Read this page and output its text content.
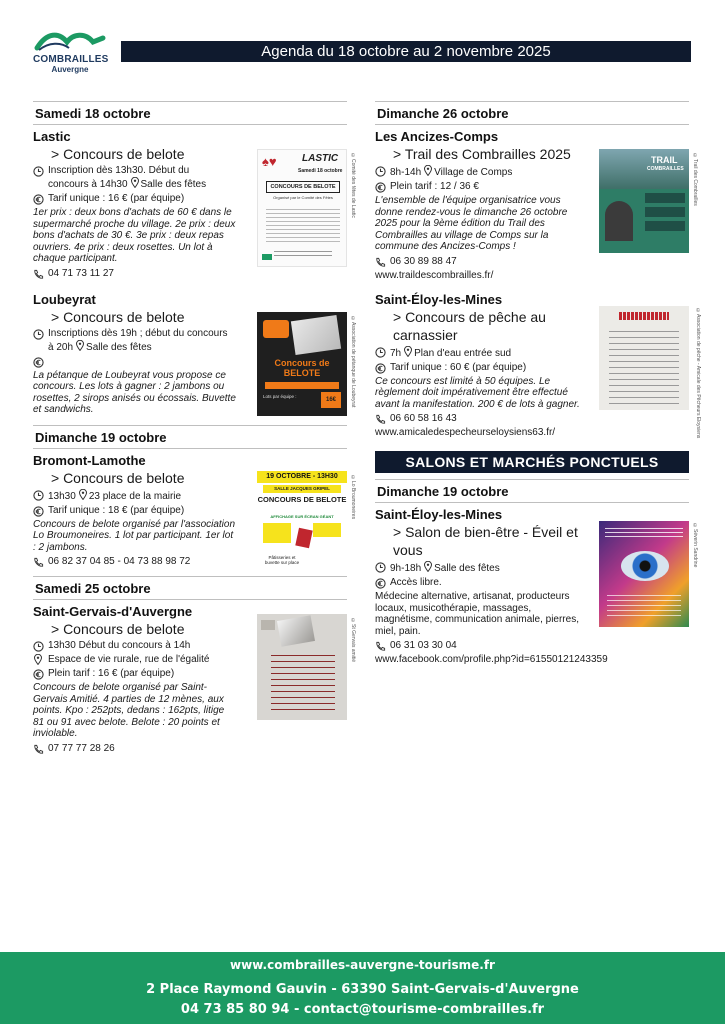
COMBRAILLES
Auvergne
Agenda du 18 octobre au 2 novembre 2025
Samedi 18 octobre
Lastic
> Concours de belote
Inscription dès 13h30. Début du
concours à 14h30 Salle des fêtes
Tarif unique : 16 € (par équipe)
1er prix : deux bons d'achats de 60 € dans le supermarché proche du village. 2e prix : deux bons d'achats de 30 €. 3e prix : deux repas ouvriers. 4e prix : deux rosettes. Un lot à chaque participant.
04 71 73 11 27
♠♥	LASTIC
Samedi 18 octobre
CONCOURS DE BELOTE
Organisé par le Comité des Fêtes	©Comité des fêtes de Lastic
Loubeyrat
> Concours de belote
Inscriptions dès 19h ; début du concours
à 20h Salle des fêtes
La pétanque de Loubeyrat vous propose ce concours. Les lots à gagner : 2 jambons ou rosettes, 2 sirops anisés ou écossais. Buvette et sandwichs.
Concours de BELOTE
Lots par équipe :
16€	©Association de pétanque de Loubeyrat
Dimanche 19 octobre
Bromont-Lamothe
> Concours de belote
13h30 23 place de la mairie
Tarif unique : 18 € (par équipe)
Concours de belote organisé par l'association Lo Broumoneires. 1 lot par participant. 1er lot : 2 jambons.
06 82 37 04 85 - 04 73 88 98 72
19 OCTOBRE - 13H30
SALLE JACQUES GRIPEL
CONCOURS DE BELOTE
AFFICHAGE SUR ÉCRAN GÉANT
Pâtisseries et buvette sur place
©Lo Broumoneires
Samedi 25 octobre
Saint-Gervais-d'Auvergne
> Concours de belote
13h30 Début du concours à 14h
Espace de vie rurale, rue de l'égalité
Plein tarif : 16 € (par équipe)
Concours de belote organisé par Saint-Gervais Amitié. 4 parties de 12 mènes, aux points. Kpo : 252pts, dedans : 162pts, litige 81 ou 91 avec belote. Belote : 20 points et inviolable.
07 77 77 28 26
©St Gervais amitié
Dimanche 26 octobre
Les Ancizes-Comps
> Trail des Combrailles 2025
8h-14h Village de Comps
Plein tarif : 12 / 36 €
L'ensemble de l'équipe organisatrice vous donne rendez-vous le dimanche 26 octobre 2025 pour la 9ème édition du Trail des Combrailles au village de Comps sur la commune des Ancizes-Comps !
06 30 89 88 47
www.traildescombrailles.fr/
TRAIL
COMBRAILLES ©Trail des Combrailles
Saint-Éloy-les-Mines
> Concours de pêche au carnassier
7h Plan d'eau entrée sud
Tarif unique : 60 € (par équipe)
Ce concours est limité à 50 équipes. Le règlement doit impérativement être effectué avant la manifestation. 200 € de lots à gagner.
06 60 58 16 43
www.amicaledespecheurseloysiens63.fr/	©Association de pêche - Amicale des Pêcheurs Eloysiens
SALONS ET MARCHÉS PONCTUELS
Dimanche 19 octobre
Saint-Éloy-les-Mines
> Salon de bien-être - Éveil et vous
9h-18h Salle des fêtes
Accès libre.
Médecine alternative, artisanat, producteurs locaux, musicothérapie, massages, magnétisme, communication animale, pierres, miel, pain.
06 31 03 30 04
www.facebook.com/profile.php?id=61550121243359
©Séverin Sandrine
www.combrailles-auvergne-tourisme.fr
2 Place Raymond Gauvin - 63390 Saint-Gervais-d'Auvergne
04 73 85 80 94 - contact@tourisme-combrailles.fr
